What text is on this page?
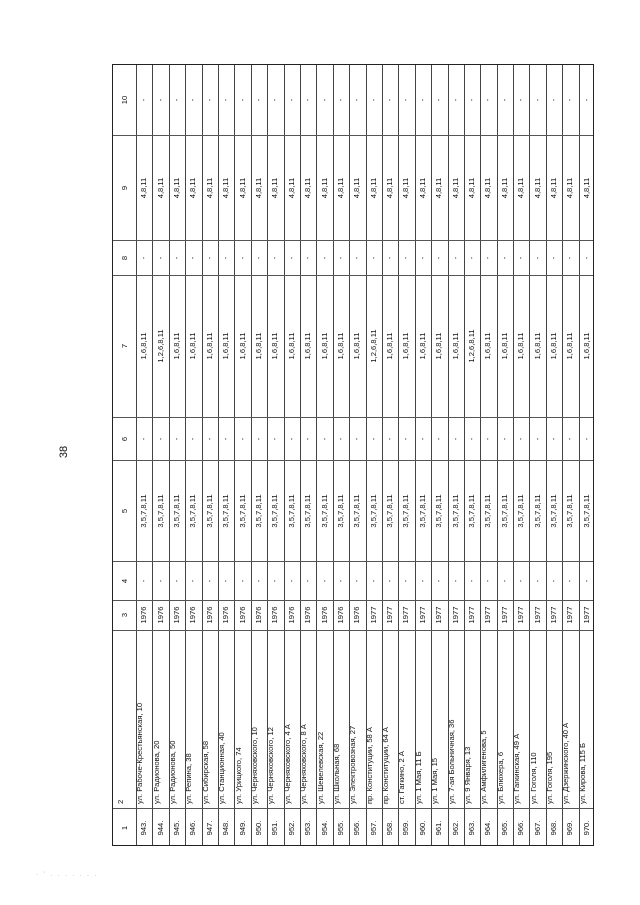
38
1
2
3
4
5
6
7
8
9
10
943.
ул. Рабоче-Крестьянская, 10
1976
-
3,5,7,8,11
-
1,6,8,11
-
4,8,11
-
944.
ул. Радионова, 20
1976
-
3,5,7,8,11
-
1,2,6,8,11
-
4,8,11
-
945.
ул. Радионова, 50
1976
-
3,5,7,8,11
-
1,6,8,11
-
4,8,11
-
946.
ул. Репина, 38
1976
-
3,5,7,8,11
-
1,6,8,11
-
4,8,11
-
947.
ул. Сибирская, 58
1976
-
3,5,7,8,11
-
1,6,8,11
-
4,8,11
-
948.
ул. Станционная, 40
1976
-
3,5,7,8,11
-
1,6,8,11
-
4,8,11
-
949.
ул. Урицкого, 74
1976
-
3,5,7,8,11
-
1,6,8,11
-
4,8,11
-
950.
ул. Черняховского, 10
1976
-
3,5,7,8,11
-
1,6,8,11
-
4,8,11
-
951.
ул. Черняховского, 12
1976
-
3,5,7,8,11
-
1,6,8,11
-
4,8,11
-
952.
ул. Черняховского, 4 А
1976
-
3,5,7,8,11
-
1,6,8,11
-
4,8,11
-
953.
ул. Черняховского, 8 А
1976
-
3,5,7,8,11
-
1,6,8,11
-
4,8,11
-
954.
ул. Шевелевская, 22
1976
-
3,5,7,8,11
-
1,6,8,11
-
4,8,11
-
955.
ул. Школьная, 68
1976
-
3,5,7,8,11
-
1,6,8,11
-
4,8,11
-
956.
ул. Электровозная, 27
1976
-
3,5,7,8,11
-
1,6,8,11
-
4,8,11
-
957.
пр. Конституции, 58 А
1977
-
3,5,7,8,11
-
1,2,6,8,11
-
4,8,11
-
958.
пр. Конституции, 64 А
1977
-
3,5,7,8,11
-
1,6,8,11
-
4,8,11
-
959.
ст. Гагкино, 2 А
1977
-
3,5,7,8,11
-
1,6,8,11
-
4,8,11
-
960.
ул. 1 Мая, 11 Б
1977
-
3,5,7,8,11
-
1,6,8,11
-
4,8,11
-
961.
ул. 1 Мая, 15
1977
-
3,5,7,8,11
-
1,6,8,11
-
4,8,11
-
962.
ул. 7-ая Больничная, 36
1977
-
3,5,7,8,11
-
1,6,8,11
-
4,8,11
-
963.
ул. 9 Января, 13
1977
-
3,5,7,8,11
-
1,2,6,8,11
-
4,8,11
-
964.
ул. Амфилигенова, 5
1977
-
3,5,7,8,11
-
1,6,8,11
-
4,8,11
-
965.
ул. Блюхера, 6
1977
-
3,5,7,8,11
-
1,6,8,11
-
4,8,11
-
966.
ул. Гагкинская, 49 А
1977
-
3,5,7,8,11
-
1,6,8,11
-
4,8,11
-
967.
ул. Гоголя, 110
1977
-
3,5,7,8,11
-
1,6,8,11
-
4,8,11
-
968.
ул. Гоголя, 195
1977
-
3,5,7,8,11
-
1,6,8,11
-
4,8,11
-
969.
ул. Дзержинского, 40 А
1977
-
3,5,7,8,11
-
1,6,8,11
-
4,8,11
-
970.
ул. Кирова, 115 Б
1977
-
3,5,7,8,11
-
1,6,8,11
-
4,8,11
-
· ' . . . . . . .
